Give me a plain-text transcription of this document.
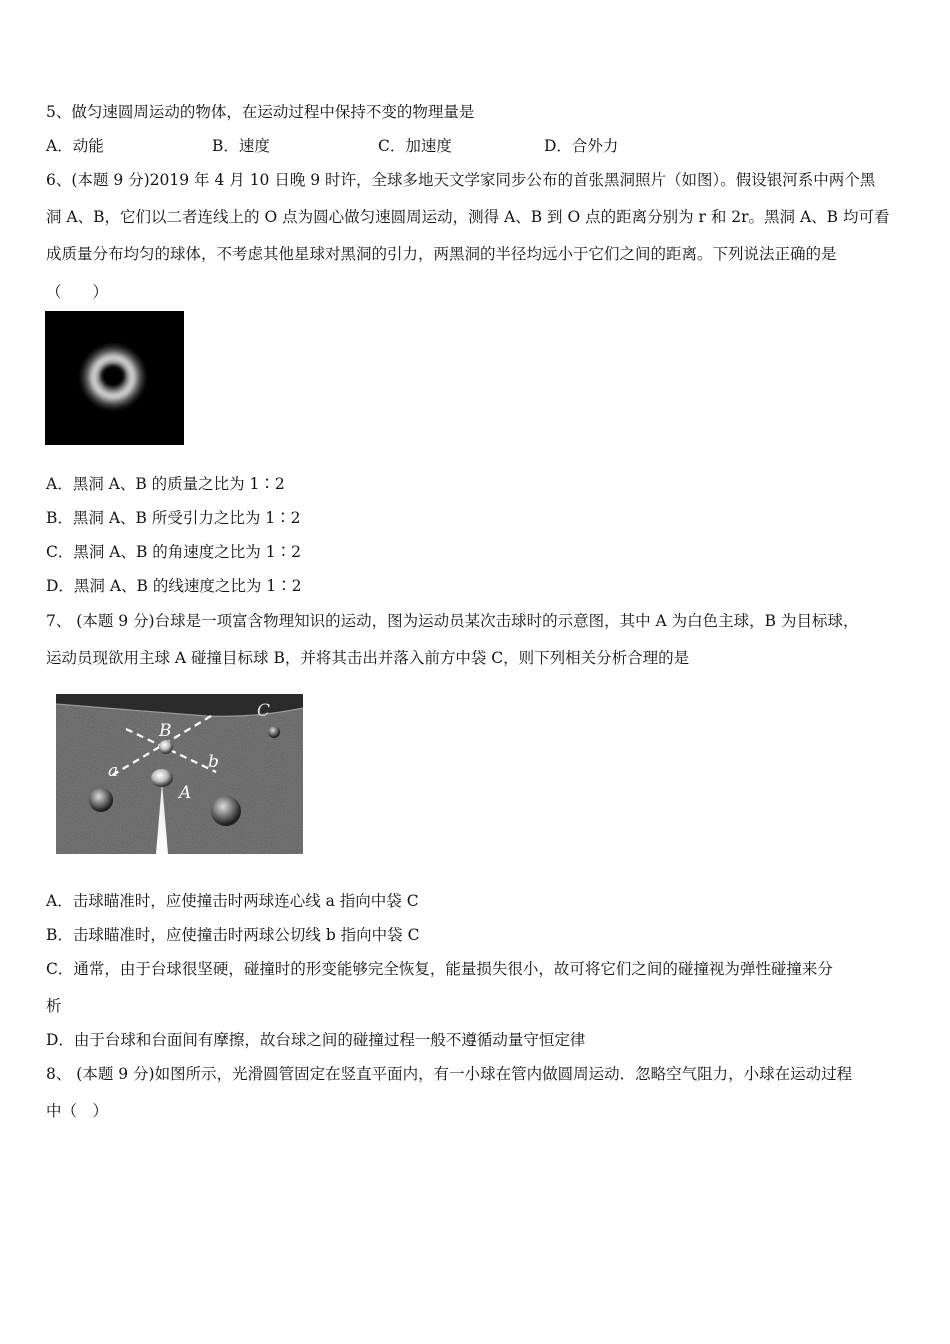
5、做匀速圆周运动的物体，在运动过程中保持不变的物理量是
A．动能	B．速度	C．加速度	D．合外力
6、(本题 9 分)2019 年 4 月 10 日晚 9 时许，全球多地天文学家同步公布的首张黑洞照片（如图）。假设银河系中两个黑
洞 A、B，它们以二者连线上的 O 点为圆心做匀速圆周运动，测得 A、B 到 O 点的距离分别为 r 和 2r。黑洞 A、B 均可看
成质量分布均匀的球体，不考虑其他星球对黑洞的引力，两黑洞的半径均远小于它们之间的距离。下列说法正确的是
（　　）
A．黑洞 A、B 的质量之比为 1∶2
B．黑洞 A、B 所受引力之比为 1∶2
C．黑洞 A、B 的角速度之比为 1∶2
D．黑洞 A、B 的线速度之比为 1∶2
7、 (本题 9 分)台球是一项富含物理知识的运动，图为运动员某次击球时的示意图，其中 A 为白色主球，B 为目标球，
运动员现欲用主球 A 碰撞目标球 B，并将其击出并落入前方中袋 C，则下列相关分析合理的是
B
C
a	b
A
A．击球瞄准时，应使撞击时两球连心线 a 指向中袋 C
B．击球瞄准时，应使撞击时两球公切线 b 指向中袋 C
C．通常，由于台球很坚硬，碰撞时的形变能够完全恢复，能量损失很小，故可将它们之间的碰撞视为弹性碰撞来分
析
D．由于台球和台面间有摩擦，故台球之间的碰撞过程一般不遵循动量守恒定律
8、 (本题 9 分)如图所示，光滑圆管固定在竖直平面内，有一小球在管内做圆周运动．忽略空气阻力，小球在运动过程
中（　）
